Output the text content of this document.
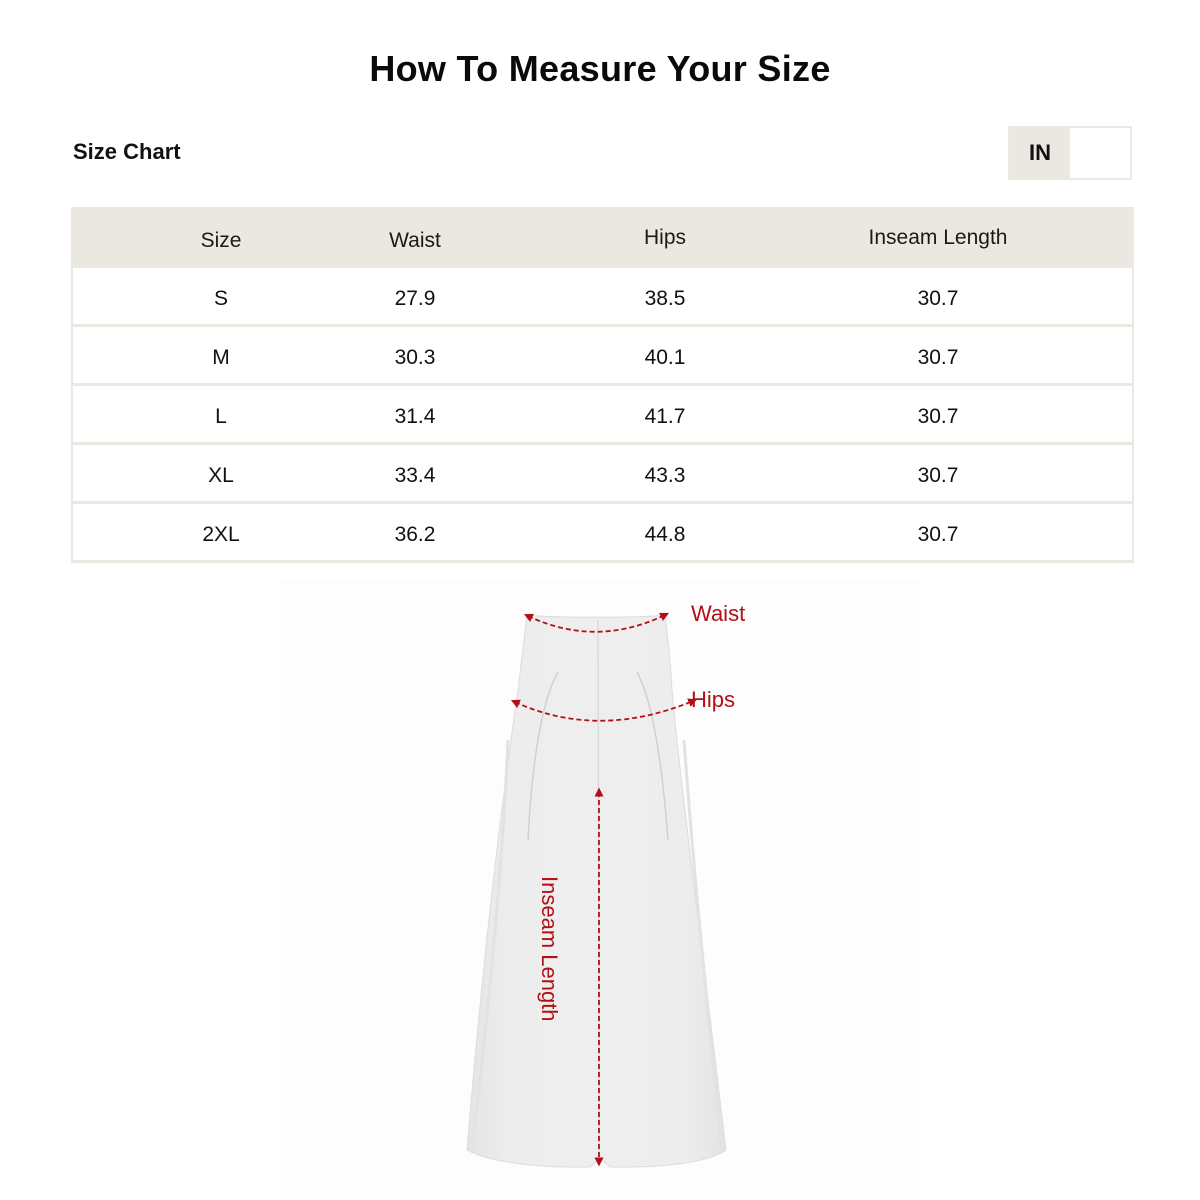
How To Measure Your Size
Size Chart	IN
Size	Waist	Hips	Inseam Length
S	27.9	38.5	30.7
M	30.3	40.1	30.7
L	31.4	41.7	30.7
XL	33.4	43.3	30.7
2XL	36.2	44.8	30.7
Waist
Hips
Inseam Length
